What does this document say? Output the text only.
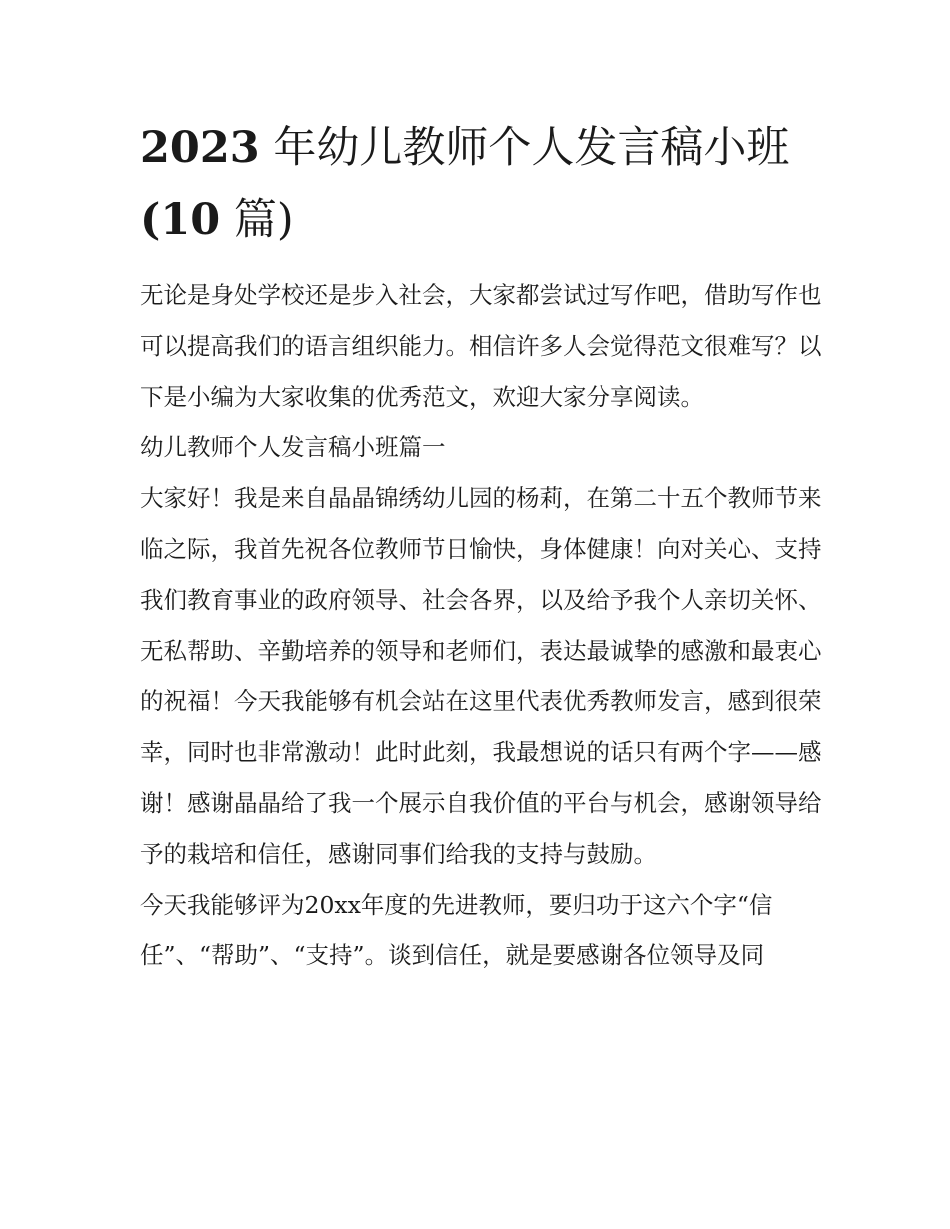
2023 年幼儿教师个人发言稿小班
(10 篇)

无论是身处学校还是步入社会，大家都尝试过写作吧，借助写作也可以提高我们的语言组织能力。相信许多人会觉得范文很难写？以下是小编为大家收集的优秀范文，欢迎大家分享阅读。

幼儿教师个人发言稿小班篇一

大家好！我是来自晶晶锦绣幼儿园的杨莉，在第二十五个教师节来临之际，我首先祝各位教师节日愉快，身体健康！向对关心、支持我们教育事业的政府领导、社会各界，以及给予我个人亲切关怀、无私帮助、辛勤培养的领导和老师们，表达最诚挚的感激和最衷心的祝福！今天我能够有机会站在这里代表优秀教师发言，感到很荣幸，同时也非常激动！此时此刻，我最想说的话只有两个字——感谢！感谢晶晶给了我一个展示自我价值的平台与机会，感谢领导给予的栽培和信任，感谢同事们给我的支持与鼓励。

今天我能够评为20xx年度的先进教师，要归功于这六个字“信任”、“帮助”、“支持”。谈到信任，就是要感谢各位领导及同
